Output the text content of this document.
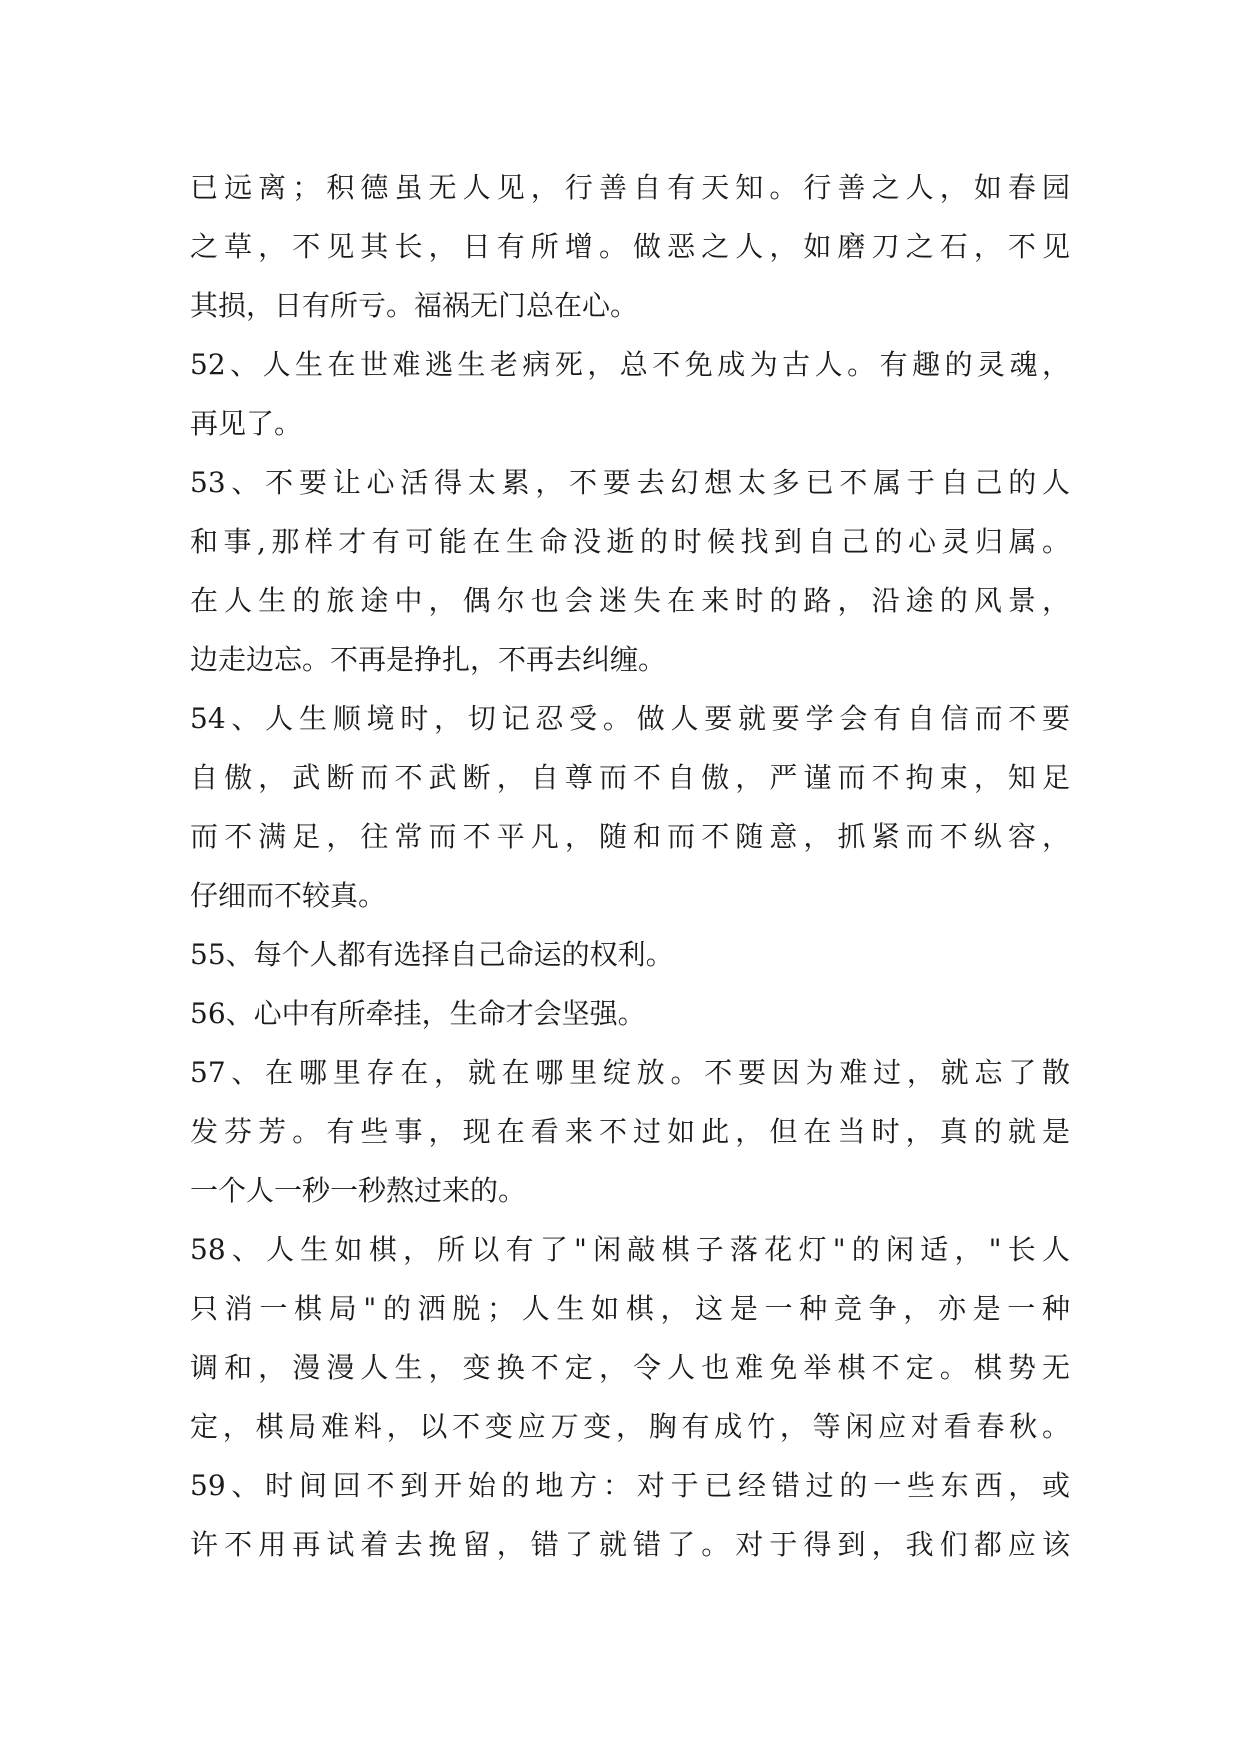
已远离；积德虽无人见，行善自有天知。行善之人，如春园
之草，不见其长，日有所增。做恶之人，如磨刀之石，不见
其损，日有所亏。福祸无门总在心。
52、人生在世难逃生老病死，总不免成为古人。有趣的灵魂，
再见了。
53、不要让心活得太累，不要去幻想太多已不属于自己的人
和事,那样才有可能在生命没逝的时候找到自己的心灵归属。
在人生的旅途中，偶尔也会迷失在来时的路，沿途的风景，
边走边忘。不再是挣扎，不再去纠缠。
54、人生顺境时，切记忍受。做人要就要学会有自信而不要
自傲，武断而不武断，自尊而不自傲，严谨而不拘束，知足
而不满足，往常而不平凡，随和而不随意，抓紧而不纵容，
仔细而不较真。
55、每个人都有选择自己命运的权利。
56、心中有所牵挂，生命才会坚强。
57、在哪里存在，就在哪里绽放。不要因为难过，就忘了散
发芬芳。有些事，现在看来不过如此，但在当时，真的就是
一个人一秒一秒熬过来的。
58、人生如棋，所以有了"闲敲棋子落花灯"的闲适，"长人
只消一棋局"的洒脱；人生如棋，这是一种竞争，亦是一种
调和，漫漫人生，变换不定，令人也难免举棋不定。棋势无
定，棋局难料，以不变应万变，胸有成竹，等闲应对看春秋。
59、时间回不到开始的地方：对于已经错过的一些东西，或
许不用再试着去挽留，错了就错了。对于得到，我们都应该
